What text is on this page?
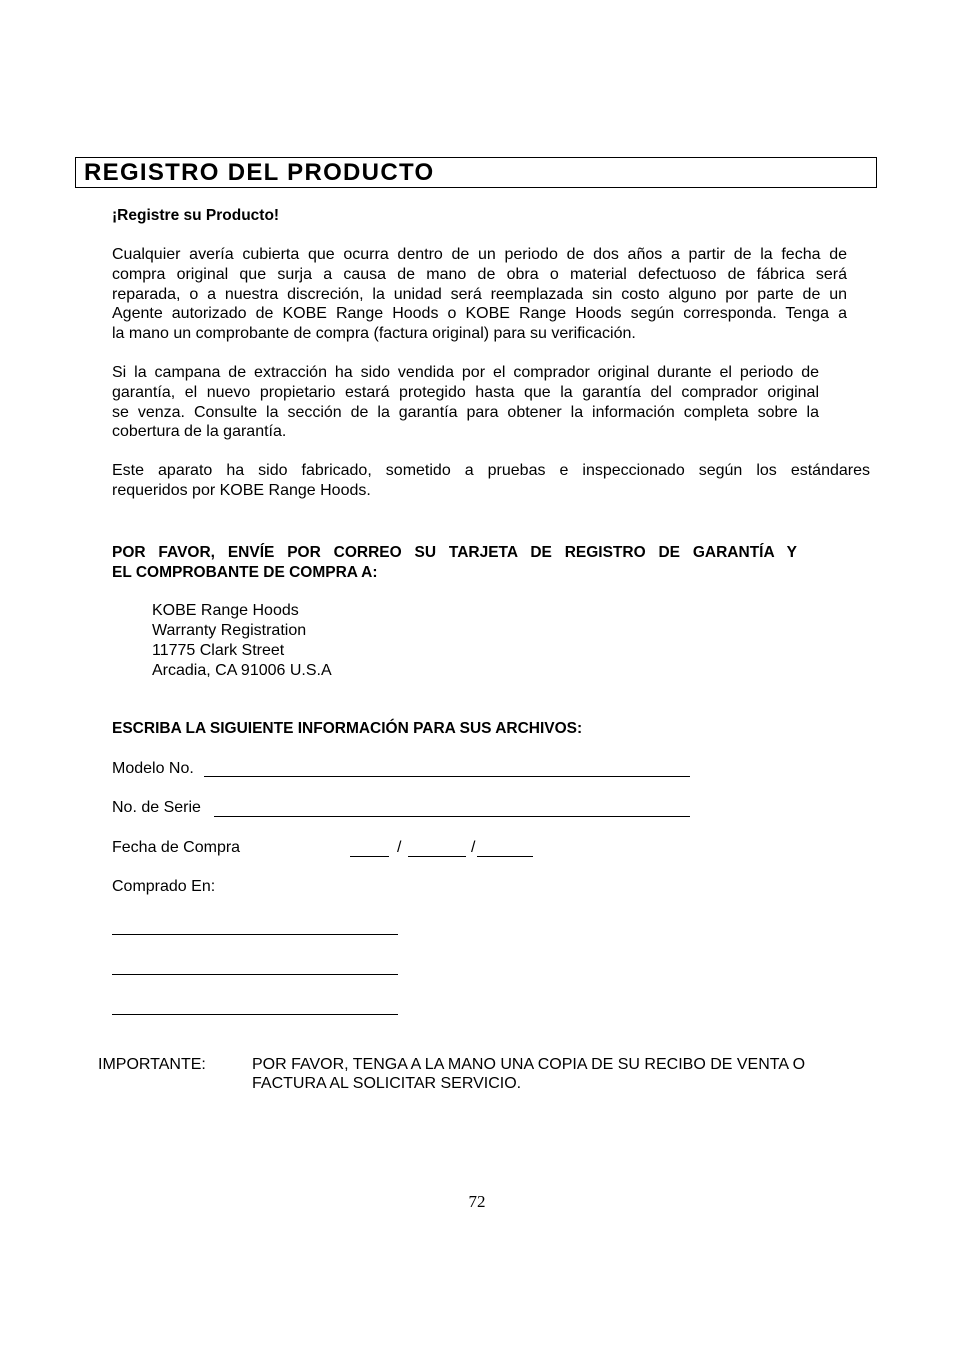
REGISTRO DEL PRODUCTO
¡Registre su Producto!
Cualquier avería cubierta que ocurra dentro de un periodo de dos años a partir de la fecha de
compra original que surja a causa de mano de obra o material defectuoso de fábrica será
reparada, o a nuestra discreción, la unidad será reemplazada sin costo alguno por parte de un
Agente autorizado de KOBE Range Hoods o KOBE Range Hoods según corresponda. Tenga a
la mano un comprobante de compra (factura original) para su verificación.
Si la campana de extracción ha sido vendida por el comprador original durante el periodo de
garantía, el nuevo propietario estará protegido hasta que la garantía del comprador original
se venza. Consulte la sección de la garantía para obtener la información completa sobre la
cobertura de la garantía.
Este aparato ha sido fabricado, sometido a pruebas e inspeccionado según los estándares
requeridos por KOBE Range Hoods.
POR FAVOR, ENVÍE POR CORREO SU TARJETA DE REGISTRO DE GARANTÍA Y
EL COMPROBANTE DE COMPRA A:
KOBE Range Hoods
Warranty Registration
11775 Clark Street
Arcadia, CA 91006 U.S.A
ESCRIBA LA SIGUIENTE INFORMACIÓN PARA SUS ARCHIVOS:
Modelo No.
No. de Serie
Fecha de Compra	/	/
Comprado En:
IMPORTANTE:	POR FAVOR, TENGA A LA MANO UNA COPIA DE SU RECIBO DE VENTA O
FACTURA AL SOLICITAR SERVICIO.
72
